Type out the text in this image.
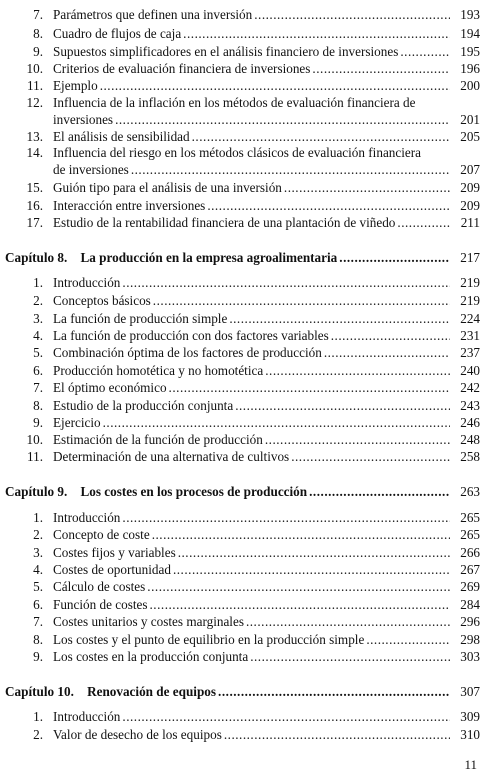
7. Parámetros que definen una inversión .....	193
8. Cuadro de flujos de caja .....	194
9. Supuestos simplificadores en el análisis financiero de inversiones .....	195
10. Criterios de evaluación financiera de inversiones .....	196
11. Ejemplo .....	200
12. Influencia de la inflación en los métodos de evaluación financiera de
inversiones .....	201
13. El análisis de sensibilidad .....	205
14. Influencia del riesgo en los métodos clásicos de evaluación financiera
de inversiones .....	207
15. Guión tipo para el análisis de una inversión .....	209
16. Interacción entre inversiones .....	209
17. Estudio de la rentabilidad financiera de una plantación de viñedo .....	211
Capítulo 8.    La producción en la empresa agroalimentaria .....	217
1. Introducción .....	219
2. Conceptos básicos .....	219
3. La función de producción simple .....	224
4. La función de producción con dos factores variables .....	231
5. Combinación óptima de los factores de producción .....	237
6. Producción homotética y no homotética .....	240
7. El óptimo económico .....	242
8. Estudio de la producción conjunta .....	243
9. Ejercicio .....	246
10. Estimación de la función de producción .....	248
11. Determinación de una alternativa de cultivos .....	258
Capítulo 9.    Los costes en los procesos de producción .....	263
1. Introducción .....	265
2. Concepto de coste .....	265
3. Costes fijos y variables .....	266
4. Costes de oportunidad .....	267
5. Cálculo de costes .....	269
6. Función de costes .....	284
7. Costes unitarios y costes marginales .....	296
8. Los costes y el punto de equilibrio en la producción simple .....	298
9. Los costes en la producción conjunta .....	303
Capítulo 10.    Renovación de equipos .....	307
1. Introducción .....	309
2. Valor de desecho de los equipos .....	310
11
